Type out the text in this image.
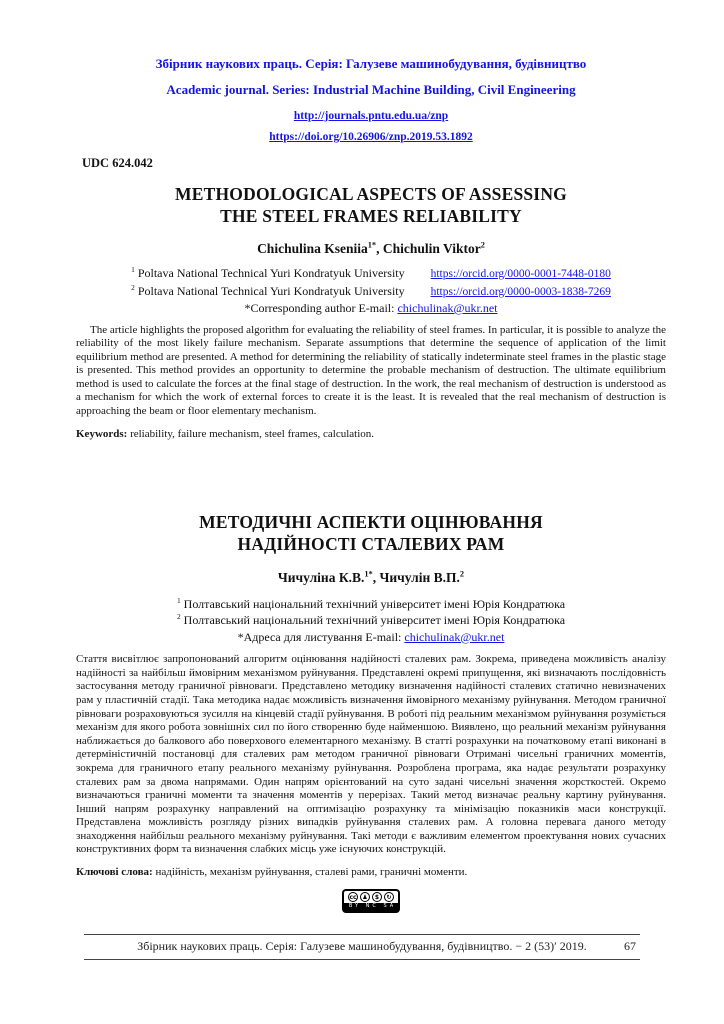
Збірник наукових праць. Серія: Галузеве машинобудування, будівництво
Academic journal. Series: Industrial Machine Building, Civil Engineering
http://journals.pntu.edu.ua/znp
https://doi.org/10.26906/znp.2019.53.1892
UDC 624.042
METHODOLOGICAL ASPECTS OF ASSESSING
THE STEEL FRAMES RELIABILITY
Chichulina Kseniia$^{1*}$, Chichulin Viktor$^2$
$^1$ Poltava National Technical Yuri Kondratyuk University https://orcid.org/0000-0001-7448-0180
$^2$ Poltava National Technical Yuri Kondratyuk University https://orcid.org/0000-0003-1838-7269
*Corresponding author E-mail: chichulinak@ukr.net
The article highlights the proposed algorithm for evaluating the reliability of steel frames. In particular, it is possible to analyze the reliability of the most likely failure mechanism. Separate assumptions that determine the sequence of application of the limit equilibrium method are presented. A method for determining the reliability of statically indeterminate steel frames in the plastic stage is presented. This method provides an opportunity to determine the probable mechanism of destruction. The ultimate equilibrium method is used to calculate the forces at the final stage of destruction. In the work, the real mechanism of destruction is understood as a mechanism for which the work of external forces to create it is the least. It is revealed that the real mechanism of destruction is approaching the beam or floor elementary mechanism.
Keywords: reliability, failure mechanism, steel frames, calculation.
МЕТОДИЧНІ АСПЕКТИ ОЦІНЮВАННЯ
НАДІЙНОСТІ СТАЛЕВИХ РАМ
Чичуліна К.В.$^{1*}$, Чичулін В.П.$^2$
$^1$ Полтавський національний технічний університет імені Юрія Кондратюка
$^2$ Полтавський національний технічний університет імені Юрія Кондратюка
*Адреса для листування E-mail: chichulinak@ukr.net
Стаття висвітлює запропонований алгоритм оцінювання надійності сталевих рам. Зокрема, приведена можливість аналізу надійності за найбільш ймовірним механізмом руйнування. Представлені окремі припущення, які визначають послідовність застосування методу граничної рівноваги. Представлено методику визначення надійності сталевих статично невизначених рам у пластичній стадії. Така методика надає можливість визначення ймовірного механізму руйнування. Методом граничної рівноваги розраховуються зусилля на кінцевій стадії руйнування. В роботі під реальним механізмом руйнування розуміється механізм для якого робота зовнішніх сил по його створенню буде найменшою. Виявлено, що реальний механізм руйнування наближається до балкового або поверхового елементарного механізму. В статті розрахунки на початковому етапі виконані в детерміністичній постановці для сталевих рам методом граничної рівноваги Отримані чисельні граничних моментів, зокрема для граничного етапу реального механізму руйнування. Розроблена програма, яка надає результати розрахунку сталевих рам за двома напрямами. Один напрям орієнтований на суто задані чисельні значення жорсткостей. Окремо визначаються граничні моменти та значення моментів у перерізах. Такий метод визначає реальну картину руйнування. Інший напрям розрахунку направлений на оптимізацію розрахунку та мінімізацію показників маси конструкції. Представлена можливість розгляду різних випадків руйнування сталевих рам. А головна перевага даного методу знаходження найбільш реального механізму руйнування. Такі методи є важливим елементом проектування нових сучасних конструктивних форм та визначення слабких місць уже існуючих конструкцій.
Ключові слова: надійність, механізм руйнування, сталеві рами, граничні моменти.
cc ♟	$	↻
BY NC SA
Збірник наукових праць. Серія: Галузеве машинобудування, будівництво. − 2 (53)′ 2019.	67
